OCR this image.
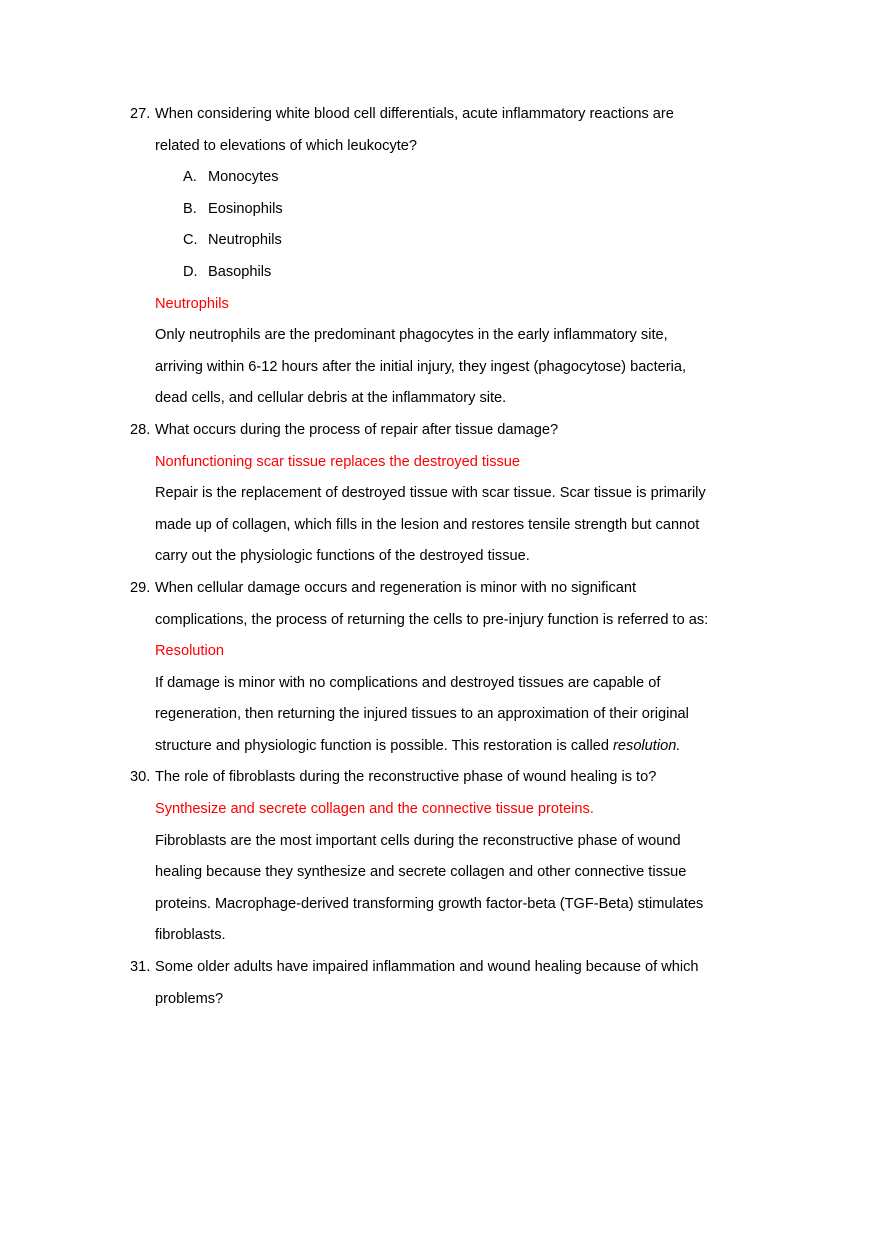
27. When considering white blood cell differentials, acute inflammatory reactions are
related to elevations of which leukocyte?
A. Monocytes
B. Eosinophils
C. Neutrophils
D. Basophils
Neutrophils
Only neutrophils are the predominant phagocytes in the early inflammatory site,
arriving within 6-12 hours after the initial injury, they ingest (phagocytose) bacteria,
dead cells, and cellular debris at the inflammatory site.
28. What occurs during the process of repair after tissue damage?
Nonfunctioning scar tissue replaces the destroyed tissue
Repair is the replacement of destroyed tissue with scar tissue. Scar tissue is primarily
made up of collagen, which fills in the lesion and restores tensile strength but cannot
carry out the physiologic functions of the destroyed tissue.
29. When cellular damage occurs and regeneration is minor with no significant
complications, the process of returning the cells to pre-injury function is referred to as:
Resolution
If damage is minor with no complications and destroyed tissues are capable of
regeneration, then returning the injured tissues to an approximation of their original
structure and physiologic function is possible. This restoration is called resolution.
30. The role of fibroblasts during the reconstructive phase of wound healing is to?
Synthesize and secrete collagen and the connective tissue proteins.
Fibroblasts are the most important cells during the reconstructive phase of wound
healing because they synthesize and secrete collagen and other connective tissue
proteins. Macrophage-derived transforming growth factor-beta (TGF-Beta) stimulates
fibroblasts.
31. Some older adults have impaired inflammation and wound healing because of which
problems?
